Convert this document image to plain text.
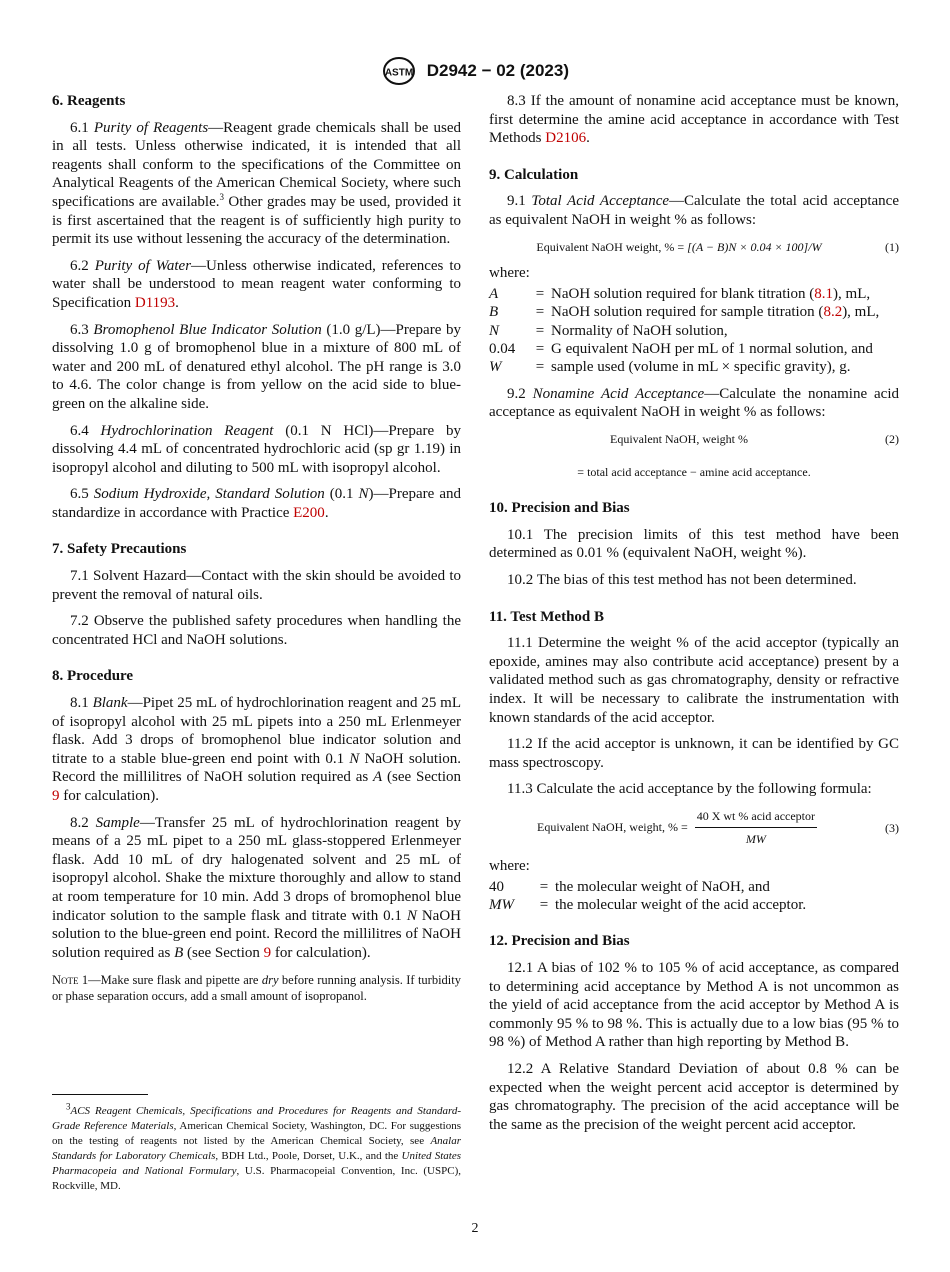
ASTM D2942 − 02 (2023)
6. Reagents

6.1 Purity of Reagents—Reagent grade chemicals shall be used in all tests. Unless otherwise indicated, it is intended that all reagents shall conform to the specifications of the Committee on Analytical Reagents of the American Chemical Society, where such specifications are available.$^3$ Other grades may be used, provided it is first ascertained that the reagent is of sufficiently high purity to permit its use without lessening the accuracy of the determination.

6.2 Purity of Water—Unless otherwise indicated, references to water shall be understood to mean reagent water conforming to Specification D1193.

6.3 Bromophenol Blue Indicator Solution (1.0 g/L)—Prepare by dissolving 1.0 g of bromophenol blue in a mixture of 800 mL of water and 200 mL of denatured ethyl alcohol. The pH range is 3.0 to 4.6. The color change is from yellow on the acid side to blue-green on the alkaline side.

6.4 Hydrochlorination Reagent (0.1 N HCl)—Prepare by dissolving 4.4 mL of concentrated hydrochloric acid (sp gr 1.19) in isopropyl alcohol and diluting to 500 mL with isopropyl alcohol.

6.5 Sodium Hydroxide, Standard Solution (0.1 N)—Prepare and standardize in accordance with Practice E200.

7. Safety Precautions

7.1 Solvent Hazard—Contact with the skin should be avoided to prevent the removal of natural oils.

7.2 Observe the published safety procedures when handling the concentrated HCl and NaOH solutions.

8. Procedure

8.1 Blank—Pipet 25 mL of hydrochlorination reagent and 25 mL of isopropyl alcohol with 25 mL pipets into a 250 mL Erlenmeyer flask. Add 3 drops of bromophenol blue indicator solution and titrate to a stable blue-green end point with 0.1 N NaOH solution. Record the millilitres of NaOH solution required as A (see Section 9 for calculation).

8.2 Sample—Transfer 25 mL of hydrochlorination reagent by means of a 25 mL pipet to a 250 mL glass-stoppered Erlenmeyer flask. Add 10 mL of dry halogenated solvent and 25 mL of isopropyl alcohol. Shake the mixture thoroughly and allow to stand at room temperature for 10 min. Add 3 drops of bromophenol blue indicator solution to the sample flask and titrate with 0.1 N NaOH solution to the blue-green end point. Record the millilitres of NaOH solution required as B (see Section 9 for calculation).

Note 1—Make sure flask and pipette are dry before running analysis. If turbidity or phase separation occurs, add a small amount of isopropanol.

$^3$ACS Reagent Chemicals, Specifications and Procedures for Reagents and Standard-Grade Reference Materials, American Chemical Society, Washington, DC. For suggestions on the testing of reagents not listed by the American Chemical Society, see Analar Standards for Laboratory Chemicals, BDH Ltd., Poole, Dorset, U.K., and the United States Pharmacopeia and National Formulary, U.S. Pharmacopeial Convention, Inc. (USPC), Rockville, MD.

8.3 If the amount of nonamine acid acceptance must be known, first determine the amine acid acceptance in accordance with Test Methods D2106.

9. Calculation

9.1 Total Acid Acceptance—Calculate the total acid acceptance as equivalent NaOH in weight % as follows:

Equivalent NaOH weight, % = [(A − B)N × 0.04 × 100]/W	(1)

where:

A	=	NaOH solution required for blank titration (8.1), mL,
B	=	NaOH solution required for sample titration (8.2), mL,
N	=	Normality of NaOH solution,
0.04	=	G equivalent NaOH per mL of 1 normal solution, and
W	=	sample used (volume in mL × specific gravity), g.

9.2 Nonamine Acid Acceptance—Calculate the nonamine acid acceptance as equivalent NaOH in weight % as follows:

Equivalent NaOH, weight %	(2)
= total acid acceptance − amine acid acceptance.
10. Precision and Bias

10.1 The precision limits of this test method have been determined as 0.01 % (equivalent NaOH, weight %).

10.2 The bias of this test method has not been determined.

11. Test Method B

11.1 Determine the weight % of the acid acceptor (typically an epoxide, amines may also contribute acid acceptance) present by a validated method such as gas chromatography, density or refractive index. It will be necessary to calibrate the instrumentation with known standards of the acid acceptor.

11.2 If the acid acceptor is unknown, it can be identified by GC mass spectroscopy.

11.3 Calculate the acid acceptance by the following formula:

Equivalent NaOH, weight, % = $\frac{\text{40 X wt \% acid acceptor}}{MW}$	(3)

where:

40	=	the molecular weight of NaOH, and
MW	=	the molecular weight of the acid acceptor.
12. Precision and Bias

12.1 A bias of 102 % to 105 % of acid acceptance, as compared to determining acid acceptance by Method A is not uncommon as the yield of acid acceptance from the acid acceptor by Method A is commonly 95 % to 98 %. This is actually due to a low bias (95 % to 98 %) of Method A rather than high reporting by Method B.

12.2 A Relative Standard Deviation of about 0.8 % can be expected when the weight percent acid acceptor is determined by gas chromatography. The precision of the acid acceptance will be the same as the precision of the weight percent acid acceptor.

2
